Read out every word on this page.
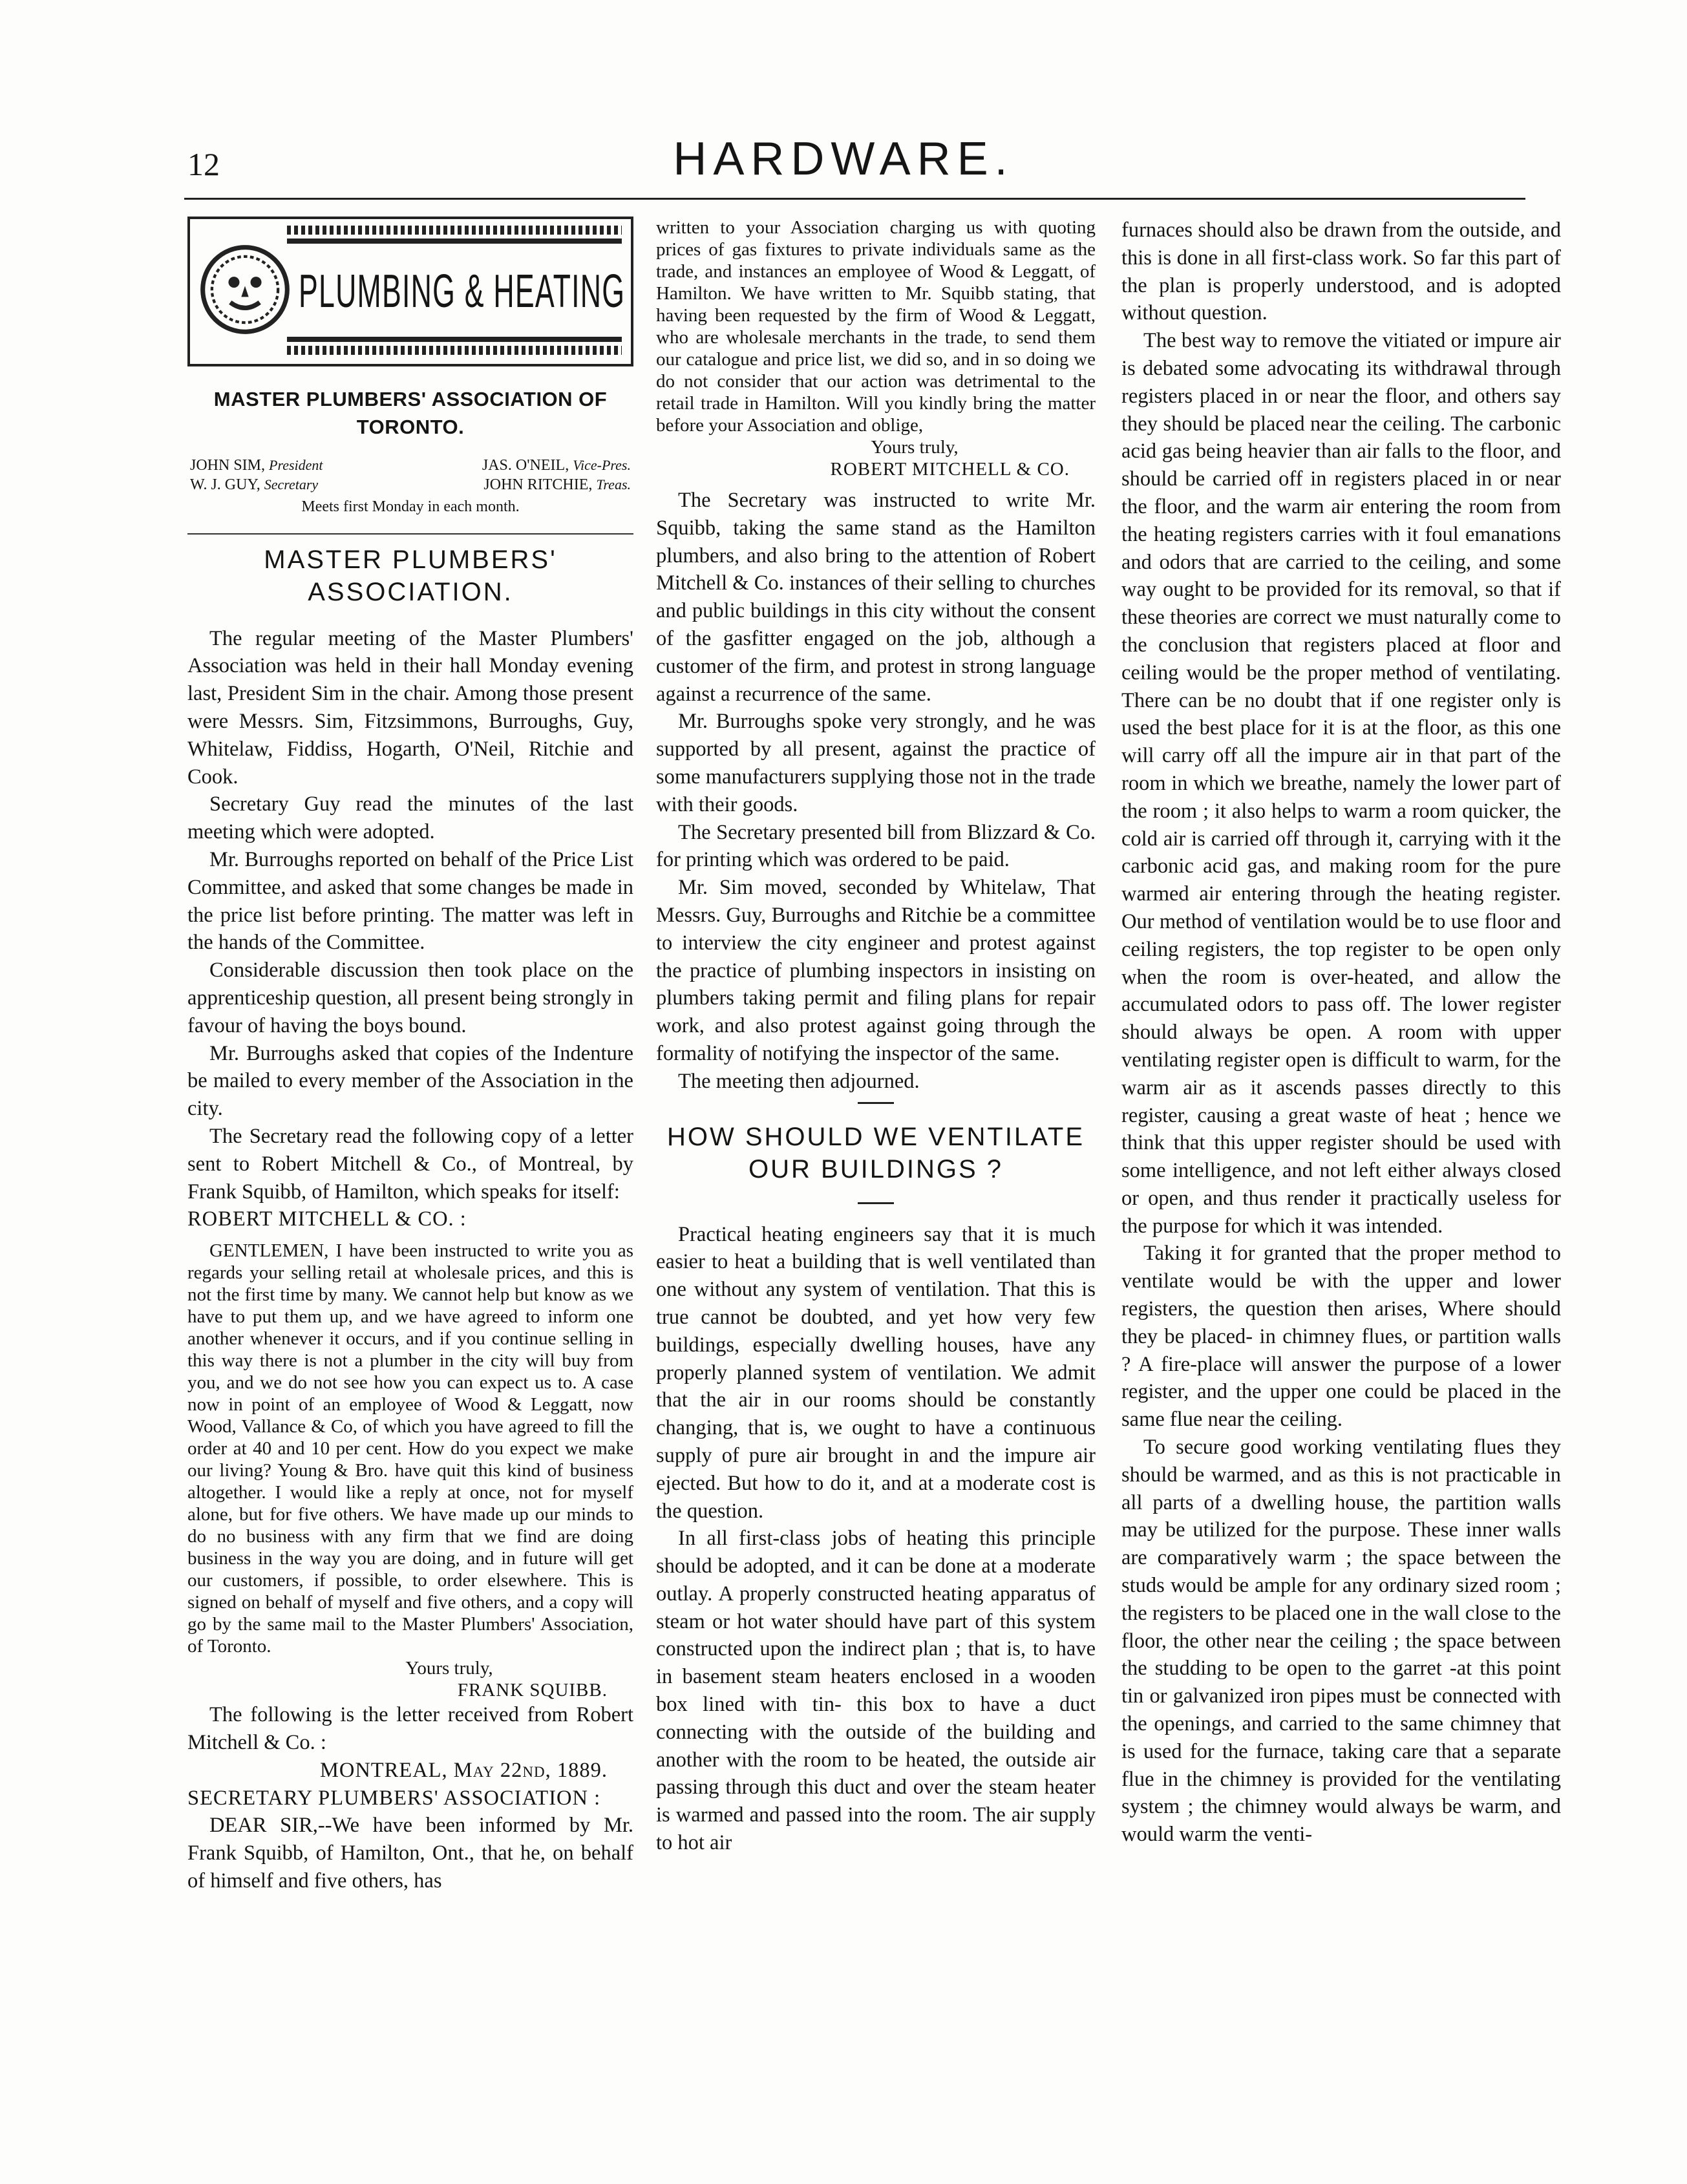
12	HARDWARE.
PLUMBING & HEATING
MASTER PLUMBERS' ASSOCIATION OF TORONTO.
JOHN SIM, President	JAS. O'NEIL, Vice-Pres.
W. J. GUY, Secretary	JOHN RITCHIE, Treas.
Meets first Monday in each month.
MASTER PLUMBERS' ASSOCIATION.

The regular meeting of the Master Plumbers' Association was held in their hall Monday evening last, President Sim in the chair. Among those present were Messrs. Sim, Fitzsimmons, Burroughs, Guy, Whitelaw, Fiddiss, Hogarth, O'Neil, Ritchie and Cook.

Secretary Guy read the minutes of the last meeting which were adopted.

Mr. Burroughs reported on behalf of the Price List Committee, and asked that some changes be made in the price list before printing. The matter was left in the hands of the Committee.

Considerable discussion then took place on the apprenticeship question, all present being strongly in favour of having the boys bound.

Mr. Burroughs asked that copies of the Indenture be mailed to every member of the Association in the city.

The Secretary read the following copy of a letter sent to Robert Mitchell & Co., of Montreal, by Frank Squibb, of Hamilton, which speaks for itself:

ROBERT MITCHELL & CO. :

GENTLEMEN, I have been instructed to write you as regards your selling retail at wholesale prices, and this is not the first time by many. We cannot help but know as we have to put them up, and we have agreed to inform one another whenever it occurs, and if you continue selling in this way there is not a plumber in the city will buy from you, and we do not see how you can expect us to. A case now in point of an employee of Wood & Leggatt, now Wood, Vallance & Co, of which you have agreed to fill the order at 40 and 10 per cent. How do you expect we make our living? Young & Bro. have quit this kind of business altogether. I would like a reply at once, not for myself alone, but for five others. We have made up our minds to do no business with any firm that we find are doing business in the way you are doing, and in future will get our customers, if possible, to order elsewhere. This is signed on behalf of myself and five others, and a copy will go by the same mail to the Master Plumbers' Association, of Toronto.

Yours truly,

FRANK SQUIBB.

The following is the letter received from Robert Mitchell & Co. :

MONTREAL, May 22nd, 1889.

SECRETARY PLUMBERS' ASSOCIATION :

DEAR SIR,--We have been informed by Mr. Frank Squibb, of Hamilton, Ont., that he, on behalf of himself and five others, has

written to your Association charging us with quoting prices of gas fixtures to private individuals same as the trade, and instances an employee of Wood & Leggatt, of Hamilton. We have written to Mr. Squibb stating, that having been requested by the firm of Wood & Leggatt, who are wholesale merchants in the trade, to send them our catalogue and price list, we did so, and in so doing we do not consider that our action was detrimental to the retail trade in Hamilton. Will you kindly bring the matter before your Association and oblige,

Yours truly,

ROBERT MITCHELL & CO.

The Secretary was instructed to write Mr. Squibb, taking the same stand as the Hamilton plumbers, and also bring to the attention of Robert Mitchell & Co. instances of their selling to churches and public buildings in this city without the consent of the gasfitter engaged on the job, although a customer of the firm, and protest in strong language against a recurrence of the same.

Mr. Burroughs spoke very strongly, and he was supported by all present, against the practice of some manufacturers supplying those not in the trade with their goods.

The Secretary presented bill from Blizzard & Co. for printing which was ordered to be paid.

Mr. Sim moved, seconded by Whitelaw, That Messrs. Guy, Burroughs and Ritchie be a committee to interview the city engineer and protest against the practice of plumbing inspectors in insisting on plumbers taking permit and filing plans for repair work, and also protest against going through the formality of notifying the inspector of the same.

The meeting then adjourned.

HOW SHOULD WE VENTILATE OUR BUILDINGS ?

Practical heating engineers say that it is much easier to heat a building that is well ventilated than one without any system of ventilation. That this is true cannot be doubted, and yet how very few buildings, especially dwelling houses, have any properly planned system of ventilation. We admit that the air in our rooms should be constantly changing, that is, we ought to have a continuous supply of pure air brought in and the impure air ejected. But how to do it, and at a moderate cost is the question.

In all first-class jobs of heating this principle should be adopted, and it can be done at a moderate outlay. A properly constructed heating apparatus of steam or hot water should have part of this system constructed upon the indirect plan ; that is, to have in basement steam heaters enclosed in a wooden box lined with tin- this box to have a duct connecting with the outside of the building and another with the room to be heated, the outside air passing through this duct and over the steam heater is warmed and passed into the room. The air supply to hot air

furnaces should also be drawn from the outside, and this is done in all first-class work. So far this part of the plan is properly understood, and is adopted without question.

The best way to remove the vitiated or impure air is debated some advocating its withdrawal through registers placed in or near the floor, and others say they should be placed near the ceiling. The carbonic acid gas being heavier than air falls to the floor, and should be carried off in registers placed in or near the floor, and the warm air entering the room from the heating registers carries with it foul emanations and odors that are carried to the ceiling, and some way ought to be provided for its removal, so that if these theories are correct we must naturally come to the conclusion that registers placed at floor and ceiling would be the proper method of ventilating. There can be no doubt that if one register only is used the best place for it is at the floor, as this one will carry off all the impure air in that part of the room in which we breathe, namely the lower part of the room ; it also helps to warm a room quicker, the cold air is carried off through it, carrying with it the carbonic acid gas, and making room for the pure warmed air entering through the heating register. Our method of ventilation would be to use floor and ceiling registers, the top register to be open only when the room is over-heated, and allow the accumulated odors to pass off. The lower register should always be open. A room with upper ventilating register open is difficult to warm, for the warm air as it ascends passes directly to this register, causing a great waste of heat ; hence we think that this upper register should be used with some intelligence, and not left either always closed or open, and thus render it practically useless for the purpose for which it was intended.

Taking it for granted that the proper method to ventilate would be with the upper and lower registers, the question then arises, Where should they be placed- in chimney flues, or partition walls ? A fire-place will answer the purpose of a lower register, and the upper one could be placed in the same flue near the ceiling.

To secure good working ventilating flues they should be warmed, and as this is not practicable in all parts of a dwelling house, the partition walls may be utilized for the purpose. These inner walls are comparatively warm ; the space between the studs would be ample for any ordinary sized room ; the registers to be placed one in the wall close to the floor, the other near the ceiling ; the space between the studding to be open to the garret -at this point tin or galvanized iron pipes must be connected with the openings, and carried to the same chimney that is used for the furnace, taking care that a separate flue in the chimney is provided for the ventilating system ; the chimney would always be warm, and would warm the venti-
